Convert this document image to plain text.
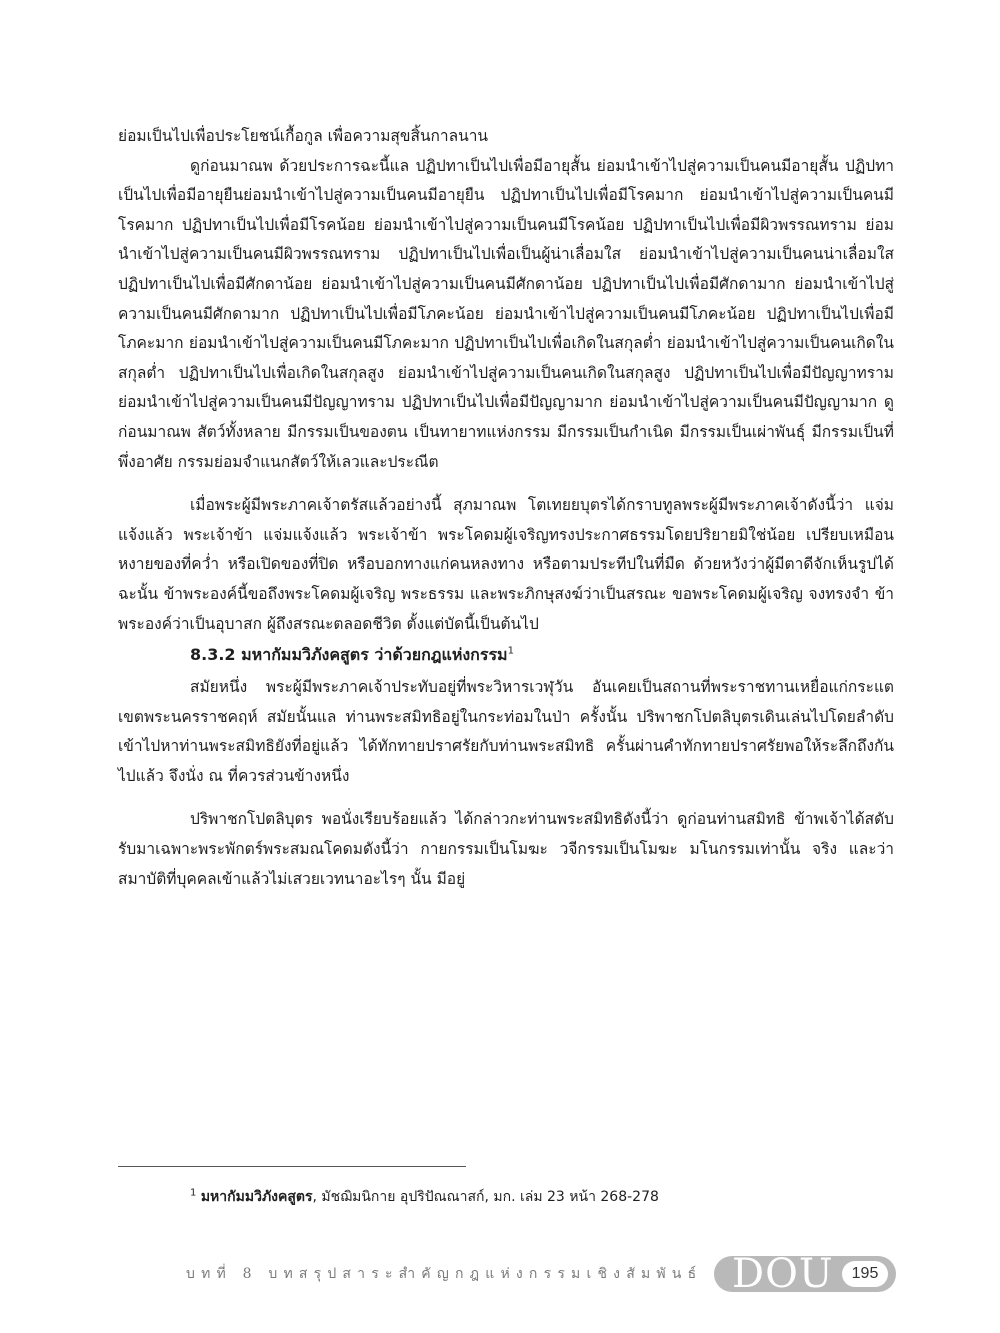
ย่อมเป็นไปเพื่อประโยชน์เกื้อกูล เพื่อความสุขสิ้นกาลนาน

ดูก่อนมาณพ ด้วยประการฉะนี้แล ปฏิปทาเป็นไปเพื่อมีอายุสั้น ย่อมนำเข้าไปสู่ความเป็นคนมีอายุสั้น ปฏิปทาเป็นไปเพื่อมีอายุยืนย่อมนำเข้าไปสู่ความเป็นคนมีอายุยืน ปฏิปทาเป็นไปเพื่อมีโรคมาก ย่อมนำเข้าไปสู่ความเป็นคนมีโรคมาก ปฏิปทาเป็นไปเพื่อมีโรคน้อย ย่อมนำเข้าไปสู่ความเป็นคนมีโรคน้อย ปฏิปทาเป็นไปเพื่อมีผิวพรรณทราม ย่อมนำเข้าไปสู่ความเป็นคนมีผิวพรรณทราม ปฏิปทาเป็นไปเพื่อเป็นผู้น่าเลื่อมใส ย่อมนำเข้าไปสู่ความเป็นคนน่าเลื่อมใส ปฏิปทาเป็นไปเพื่อมีศักดาน้อย ย่อมนำเข้าไปสู่ความเป็นคนมีศักดาน้อย ปฏิปทาเป็นไปเพื่อมีศักดามาก ย่อมนำเข้าไปสู่ความเป็นคนมีศักดามาก ปฏิปทาเป็นไปเพื่อมีโภคะน้อย ย่อมนำเข้าไปสู่ความเป็นคนมีโภคะน้อย ปฏิปทาเป็นไปเพื่อมีโภคะมาก ย่อมนำเข้าไปสู่ความเป็นคนมีโภคะมาก ปฏิปทาเป็นไปเพื่อเกิดในสกุลต่ำ ย่อมนำเข้าไปสู่ความเป็นคนเกิดในสกุลต่ำ ปฏิปทาเป็นไปเพื่อเกิดในสกุลสูง ย่อมนำเข้าไปสู่ความเป็นคนเกิดในสกุลสูง ปฏิปทาเป็นไปเพื่อมีปัญญาทราม ย่อมนำเข้าไปสู่ความเป็นคนมีปัญญาทราม ปฏิปทาเป็นไปเพื่อมีปัญญามาก ย่อมนำเข้าไปสู่ความเป็นคนมีปัญญามาก ดูก่อนมาณพ สัตว์ทั้งหลาย มีกรรมเป็นของตน เป็นทายาทแห่งกรรม มีกรรมเป็นกำเนิด มีกรรมเป็นเผ่าพันธุ์ มีกรรมเป็นที่พึ่งอาศัย กรรมย่อมจำแนกสัตว์ให้เลวและประณีต

เมื่อพระผู้มีพระภาคเจ้าตรัสแล้วอย่างนี้ สุภมาณพ โตเทยยบุตรได้กราบทูลพระผู้มีพระภาคเจ้าดังนี้ว่า แจ่มแจ้งแล้ว พระเจ้าข้า แจ่มแจ้งแล้ว พระเจ้าข้า พระโคดมผู้เจริญทรงประกาศธรรมโดยปริยายมิใช่น้อย เปรียบเหมือนหงายของที่คว่ำ หรือเปิดของที่ปิด หรือบอกทางแก่คนหลงทาง หรือตามประทีปในที่มืด ด้วยหวังว่าผู้มีตาดีจักเห็นรูปได้ฉะนั้น ข้าพระองค์นี้ขอถึงพระโคดมผู้เจริญ พระธรรม และพระภิกษุสงฆ์ว่าเป็นสรณะ ขอพระโคดมผู้เจริญ จงทรงจำ ข้าพระองค์ว่าเป็นอุบาสก ผู้ถึงสรณะตลอดชีวิต ตั้งแต่บัดนี้เป็นต้นไป

8.3.2 มหากัมมวิภังคสูตร ว่าด้วยกฎแห่งกรรม$^1$

สมัยหนึ่ง พระผู้มีพระภาคเจ้าประทับอยู่ที่พระวิหารเวฬุวัน อันเคยเป็นสถานที่พระราชทานเหยื่อแก่กระแต เขตพระนครราชคฤห์ สมัยนั้นแล ท่านพระสมิทธิอยู่ในกระท่อมในป่า ครั้งนั้น ปริพาชกโปตลิบุตรเดินเล่นไปโดยลำดับเข้าไปหาท่านพระสมิทธิยังที่อยู่แล้ว ได้ทักทายปราศรัยกับท่านพระสมิทธิ ครั้นผ่านคำทักทายปราศรัยพอให้ระลึกถึงกันไปแล้ว จึงนั่ง ณ ที่ควรส่วนข้างหนึ่ง

ปริพาชกโปตลิบุตร พอนั่งเรียบร้อยแล้ว ได้กล่าวกะท่านพระสมิทธิดังนี้ว่า ดูก่อนท่านสมิทธิ ข้าพเจ้าได้สดับรับมาเฉพาะพระพักตร์พระสมณโคดมดังนี้ว่า กายกรรมเป็นโมฆะ วจีกรรมเป็นโมฆะ มโนกรรมเท่านั้น จริง และว่าสมาบัติที่บุคคลเข้าแล้วไม่เสวยเวทนาอะไรๆ นั้น มีอยู่

$^1$ มหากัมมวิภังคสูตร, มัชฌิมนิกาย อุปริปัณณาสก์, มก. เล่ม 23 หน้า 268-278
บทที่ 8 บทสรุปสาระสำคัญกฎแห่งกรรมเชิงสัมพันธ์ DOU	195
